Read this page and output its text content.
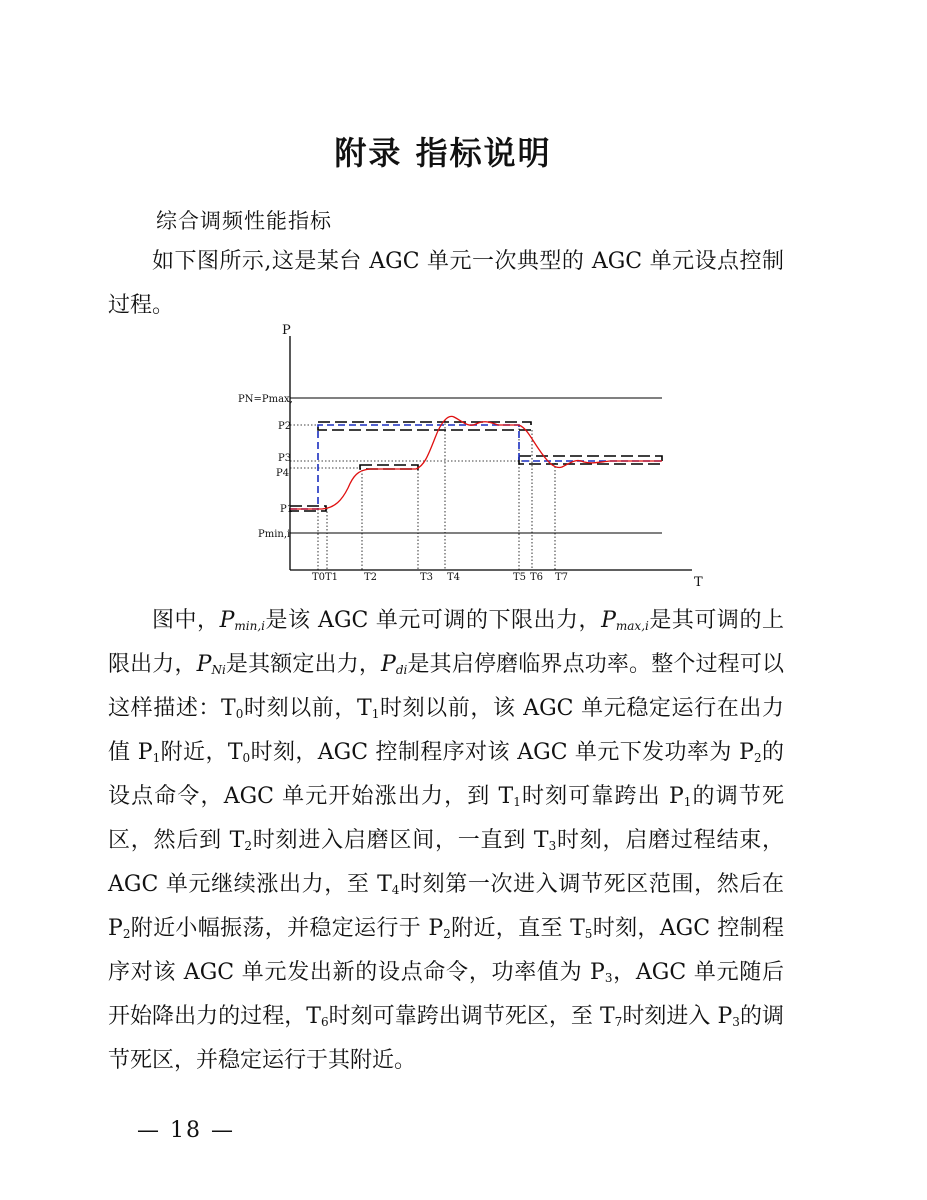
附录 指标说明
综合调频性能指标

如下图所示,这是某台 AGC 单元一次典型的 AGC 单元设点控制过程。

P
T
PN=Pmax,
P2
P3
P4
P1
Pmin,i
T0 T1	T2	T3 T4	T5 T6 T7

图中，$P_{min,i}$是该 AGC 单元可调的下限出力，$P_{max,i}$是其可调的上限出力，$P_{Ni}$是其额定出力，$P_{di}$是其启停磨临界点功率。整个过程可以这样描述：$T_0$时刻以前，$T_1$时刻以前，该 AGC 单元稳定运行在出力值 $P_1$附近，$T_0$时刻，AGC 控制程序对该 AGC 单元下发功率为 $P_2$的设点命令，AGC 单元开始涨出力，到 $T_1$时刻可靠跨出 $P_1$的调节死区，然后到 $T_2$时刻进入启磨区间，一直到 $T_3$时刻，启磨过程结束，AGC 单元继续涨出力，至 $T_4$时刻第一次进入调节死区范围，然后在 $P_2$附近小幅振荡，并稳定运行于 $P_2$附近，直至 $T_5$时刻，AGC 控制程序对该 AGC 单元发出新的设点命令，功率值为 $P_3$，AGC 单元随后开始降出力的过程，$T_6$时刻可靠跨出调节死区，至 $T_7$时刻进入 $P_3$的调节死区，并稳定运行于其附近。

— 18 —
